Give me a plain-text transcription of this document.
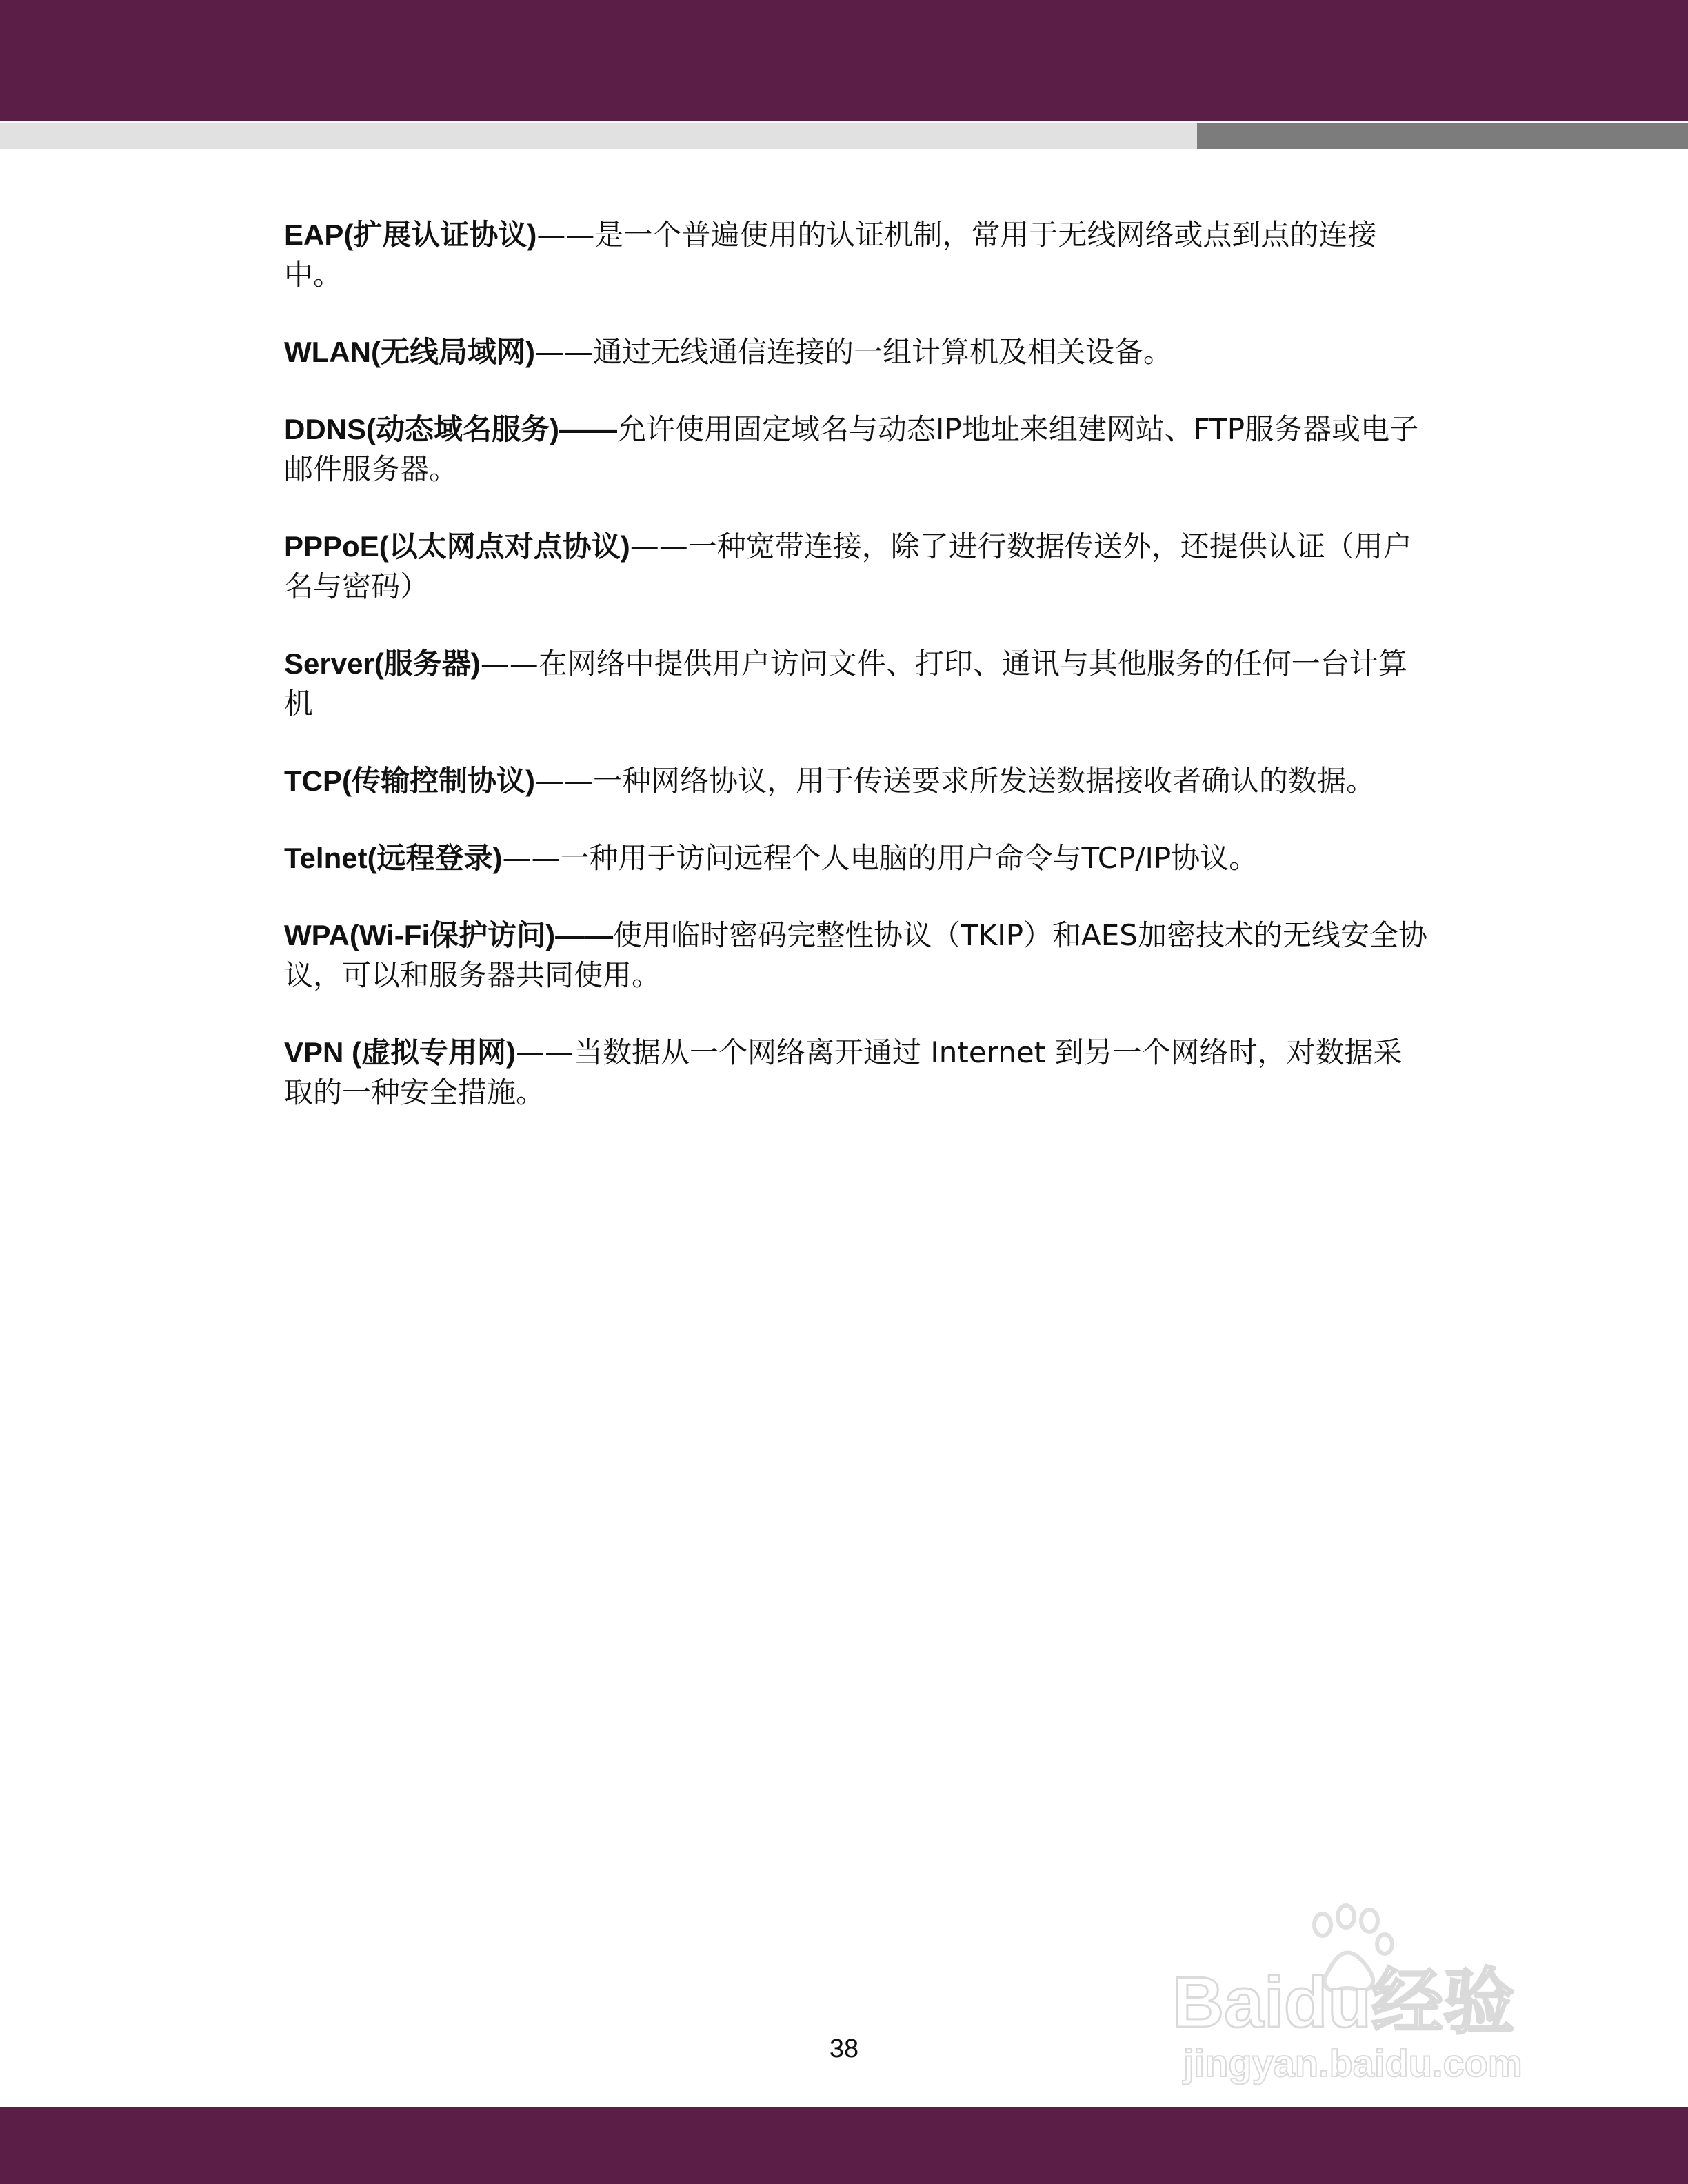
EAP(扩展认证协议)——是一个普遍使用的认证机制，常用于无线网络或点到点的连接中。

WLAN(无线局域网)——通过无线通信连接的一组计算机及相关设备。

DDNS(动态域名服务)——允许使用固定域名与动态IP地址来组建网站、FTP服务器或电子邮件服务器。

PPPoE(以太网点对点协议)——一种宽带连接，除了进行数据传送外，还提供认证（用户名与密码）

Server(服务器)——在网络中提供用户访问文件、打印、通讯与其他服务的任何一台计算机

TCP(传输控制协议)——一种网络协议，用于传送要求所发送数据接收者确认的数据。

Telnet(远程登录)——一种用于访问远程个人电脑的用户命令与TCP/IP协议。

WPA(Wi-Fi保护访问)——使用临时密码完整性协议（TKIP）和AES加密技术的无线安全协议，可以和服务器共同使用。

VPN (虚拟专用网)——当数据从一个网络离开通过 Internet 到另一个网络时，对数据采取的一种安全措施。

Baidu经验
jingyan.baidu.com
38
